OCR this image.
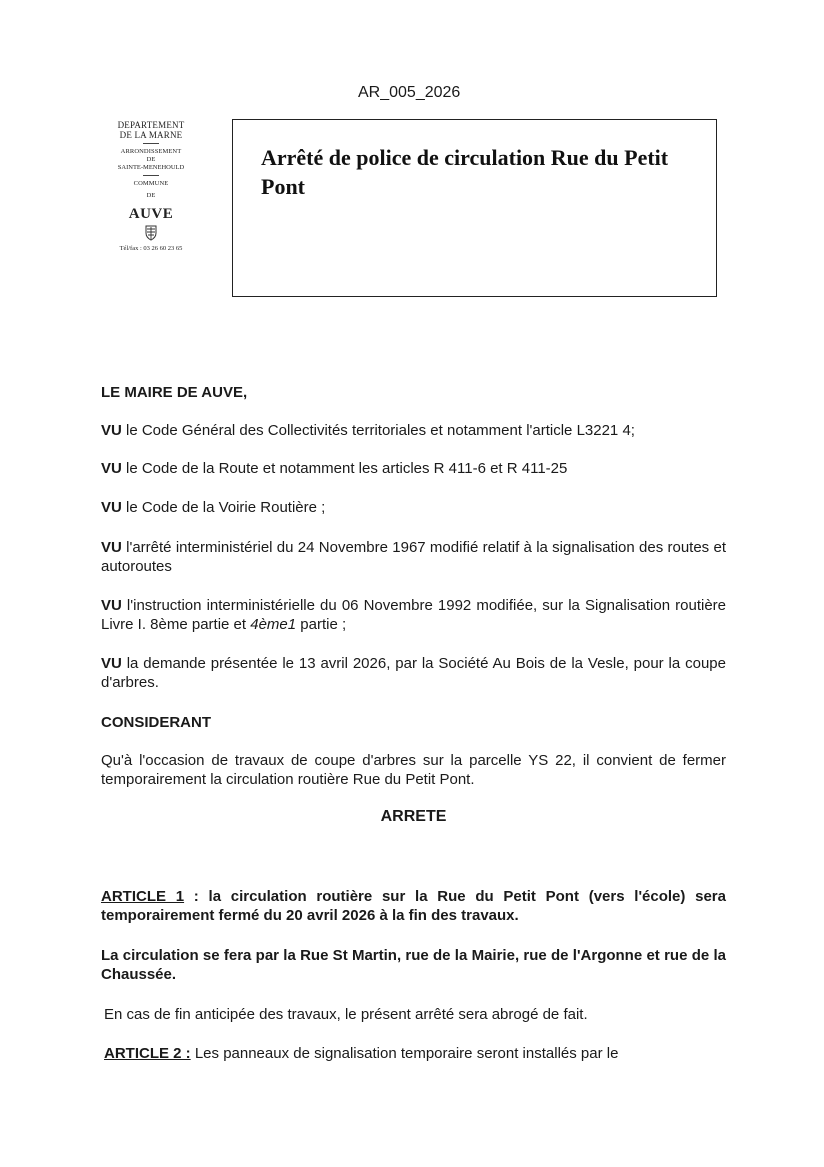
AR_005_2026
DEPARTEMENT
DE LA MARNE
ARRONDISSEMENT
DE
SAINTE-MENEHOULD
COMMUNE
DE
AUVE
Tél/fax : 03 26 60 23 65
Arrêté de police de circulation Rue du Petit Pont
LE MAIRE DE AUVE,
VU le Code Général des Collectivités territoriales et notamment l'article L3221 4;
VU le Code de la Route et notamment les articles R 411-6 et R 411-25
VU le Code de la Voirie Routière ;
VU l'arrêté interministériel du 24 Novembre 1967 modifié relatif à la signalisation des routes et autoroutes
VU l'instruction interministérielle du 06 Novembre 1992 modifiée, sur la Signalisation routière Livre I. 8ème partie et 4ème1 partie ;
VU la demande présentée le 13 avril 2026, par la Société Au Bois de la Vesle, pour la coupe d'arbres.
CONSIDERANT
Qu'à l'occasion de travaux de coupe d'arbres sur la parcelle YS 22, il convient de fermer temporairement la circulation routière Rue du Petit Pont.
ARRETE
ARTICLE 1 : la circulation routière sur la Rue du Petit Pont (vers l'école) sera temporairement fermé du 20 avril 2026 à la fin des travaux.
La circulation se fera par la Rue St Martin, rue de la Mairie, rue de l'Argonne et rue de la Chaussée.
En cas de fin anticipée des travaux, le présent arrêté sera abrogé de fait.
ARTICLE 2 : Les panneaux de signalisation temporaire seront installés par le
